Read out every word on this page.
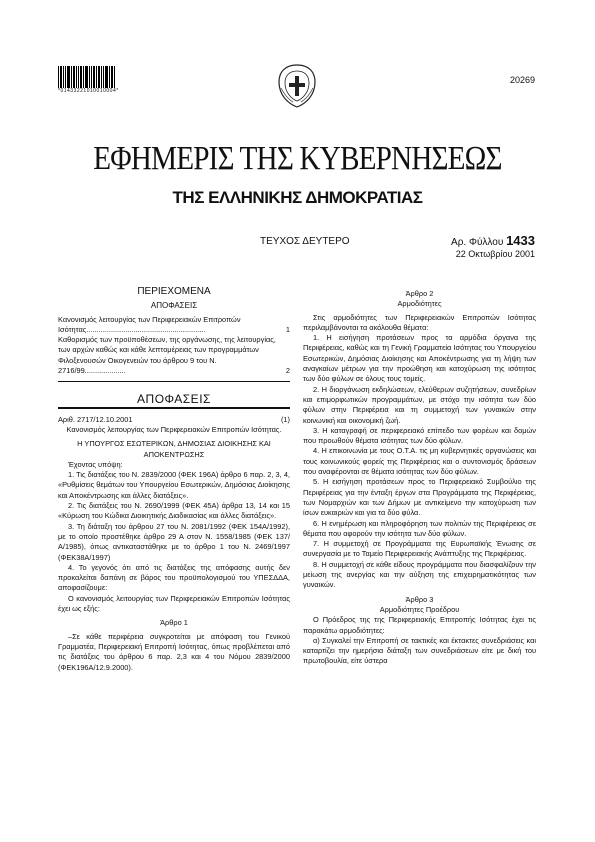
*01433221010010004*
20269
ΕΦΗΜΕΡΙΣ ΤΗΣ ΚΥΒΕΡΝΗΣΕΩΣ
ΤΗΣ ΕΛΛΗΝΙΚΗΣ ΔΗΜΟΚΡΑΤΙΑΣ
ΤΕΥΧΟΣ ΔΕΥΤΕΡΟ	Αρ. Φύλλου 1433
22 Οκτωβρίου 2001
ΠΕΡΙΕΧΟΜΕΝΑ
ΑΠΟΦΑΣΕΙΣ
Κανονισμός λειτουργίας των Περιφερειακών Επιτροπών Ισότητας..........................................................	1
Καθορισμός των προϋποθέσεων, της οργάνωσης, της λειτουργίας, των αρχών καθώς και κάθε λεπτομέρειας των προγραμμάτων Φιλοξενουσών Οικογενειών του άρθρου 9 του Ν. 2716/99....................	2
ΑΠΟΦΑΣΕΙΣ
Αριθ. 2717/12.10.2001	(1)
Κανονισμός λειτουργίας των Περιφερειακών Επιτροπών Ισότητας.
Η ΥΠΟΥΡΓΟΣ ΕΣΩΤΕΡΙΚΩΝ, ΔΗΜΟΣΙΑΣ ΔΙΟΙΚΗΣΗΣ ΚΑΙ ΑΠΟΚΕΝΤΡΩΣΗΣ

Έχοντας υπόψη:

1. Τις διατάξεις του Ν. 2839/2000 (ΦΕΚ 196Α) άρθρο 6 παρ. 2, 3, 4, «Ρυθμίσεις θεμάτων του Υπουργείου Εσωτερικών, Δημόσιας Διοίκησης και Αποκέντρωσης και άλλες διατάξεις».

2. Τις διατάξεις του Ν. 2690/1999 (ΦΕΚ 45Α) άρθρα 13, 14 και 15 «Κύρωση του Κώδικα Διοικητικής Διαδικασίας και άλλες διατάξεις».

3. Τη διάταξη του άρθρου 27 του Ν. 2081/1992 (ΦΕΚ 154Α/1992), με το οποίο προστέθηκε άρθρο 29 Α στον Ν. 1558/1985 (ΦΕΚ 137/Α/1985), όπως αντικαταστάθηκε με το άρθρο 1 του Ν. 2469/1997 (ΦΕΚ38Α/1997)

4. Το γεγονός ότι από τις διατάξεις της απόφασης αυτής δεν προκαλείται δαπάνη σε βάρος του προϋπολογισμού του ΥΠΕΣΔΔΑ, αποφασίζουμε:

Ο κανονισμός λειτουργίας των Περιφερειακών Επιτροπών Ισότητας έχει ως εξής:

Άρθρο 1

–Σε κάθε περιφέρεια συγκροτείται με απόφαση του Γενικού Γραμματέα, Περιφερειακή Επιτροπή Ισότητας, όπως προβλέπεται από τις διατάξεις του άρθρου 6 παρ. 2,3 και 4 του Νόμου 2839/2000 (ΦΕΚ196Α/12.9.2000).

Άρθρο 2
Αρμοδιότητες

Στις αρμοδιότητες των Περιφερειακών Επιτροπών Ισότητας περιλαμβάνονται τα ακόλουθα θέματα:

1. Η εισήγηση προτάσεων προς τα αρμόδια όργανα της Περιφέρειας, καθώς και τη Γενική Γραμματεία Ισότητας του Υπουργείου Εσωτερικών, Δημόσιας Διοίκησης και Αποκέντρωσης για τη λήψη των αναγκαίων μέτρων για την προώθηση και κατοχύρωση της ισότητας των δύο φύλων σε όλους τους τομείς.

2. Η διοργάνωση εκδηλώσεων, ελεύθερων συζητήσεων, συνεδρίων και επιμορφωτικών προγραμμάτων, με στόχο την ισότητα των δύο φύλων στην Περιφέρεια και τη συμμετοχή των γυναικών στην κοινωνική και οικονομική ζωή.

3. Η καταγραφή σε περιφερειακό επίπεδο των φορέων και δομών που προωθούν θέματα ισότητας των δύο φύλων.

4. Η επικοινωνία με τους Ο.Τ.Α. τις μη κυβερνητικές οργανώσεις και τους κοινωνικούς φορείς της Περιφέρειας και ο συντονισμός δράσεων που αναφέρονται σε θέματα ισότητας των δύο φύλων.

5. Η εισήγηση προτάσεων προς το Περιφερειακό Συμβούλιο της Περιφέρειας για την ένταξη έργων στα Προγράμματα της Περιφέρειας, των Νομαρχιών και των Δήμων με αντικείμενο την κατοχύρωση των ίσων ευκαιριών και για τα δύο φύλα.

6. Η ενημέρωση και πληροφόρηση των πολιτών της Περιφέρειας σε θέματα που αφορούν την ισότητα των δύο φύλων.

7. Η συμμετοχή σε Προγράμματα της Ευρωπαϊκής Ένωσης σε συνεργασία με το Ταμείο Περιφερειακής Ανάπτυξης της Περιφέρειας.

8. Η συμμετοχή σε κάθε είδους προγράμματα που διασφαλίζουν την μείωση της ανεργίας και την αύξηση της επιχειρηματικότητας των γυναικών.

Άρθρο 3
Αρμοδιότητες Προέδρου

Ο Πρόεδρος της της Περιφερειακής Επιτροπής Ισότητας έχει τις παρακάτω αρμοδιότητες:

α) Συγκαλεί την Επιτροπή σε τακτικές και έκτακτες συνεδριάσεις και καταρτίζει την ημερήσια διάταξη των συνεδριάσεων είτε με δική του πρωτοβουλία, είτε ύστερα
